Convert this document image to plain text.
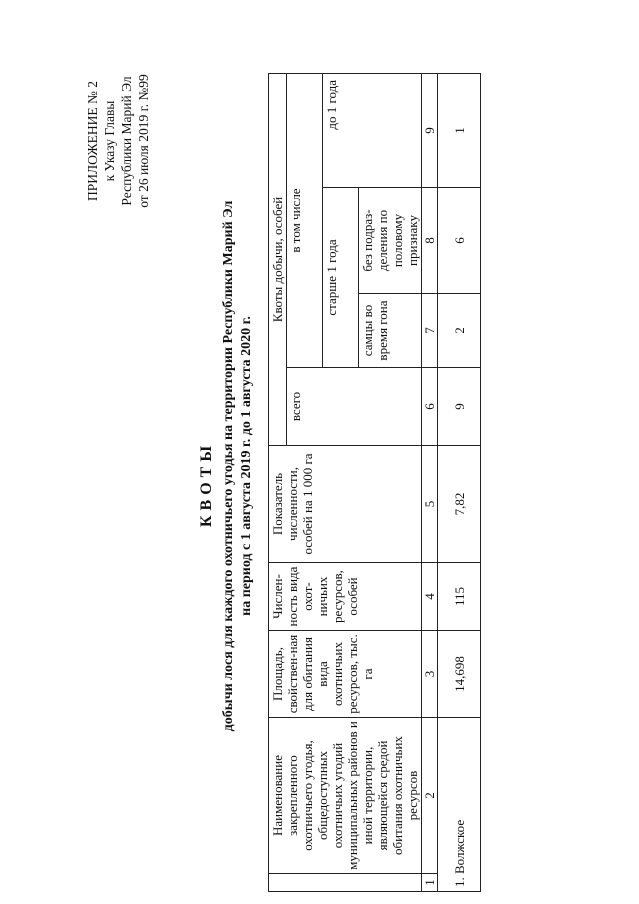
ПРИЛОЖЕНИЕ № 2 к Указу Главы Республики Марий Эл от 26 июля 2019 г. №99
КВОТЫ добычи лося для каждого охотничьего угодья на территории Республики Марий Эл на период с 1 августа 2019 г. до 1 августа 2020 г.
	Наименование закрепленного охотничьего угодья, общедоступных охотничьих угодий муниципальных районов и иной территории, являющейся средой обитания охотничьих ресурсов	Площадь, свойствен-ная для обитания вида охотничьих ресурсов, тыс. га	Числен-ность вида охот-ничьих ресурсов, особей	Показатель численности, особей на 1 000 га	Квоты добычи, особей			
					всего	в том числе		
						старше 1 года		до 1 года
						самцы во время гона	без подраз-деления по половому признаку	
1	2	3	4	5	6	7	8	9
1. Волжское		14,698	115	7,82	9	2	6	1
